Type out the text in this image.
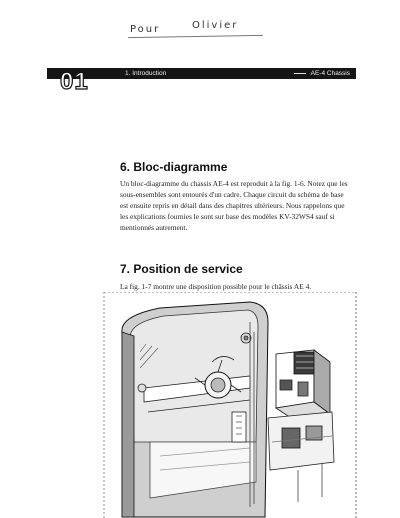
Pour	Olivier
1. Introduction	AE-4 Chassis
01
6. Bloc-diagramme

Un bloc-diagramme du chassis AE-4 est reproduit à la fig. 1-6. Notez que les sous-ensembles sont entourés d'un cadre. Chaque circuit du schéma de base est ensuite repris en détail dans des chapitres ultérieurs. Nous rappelons que les explications fournies le sont sur base des modèles KV-32WS4 sauf si mentionnés autrement.

7. Position de service

La fig. 1-7 montre une disposition possible pour le châssis AE 4.
